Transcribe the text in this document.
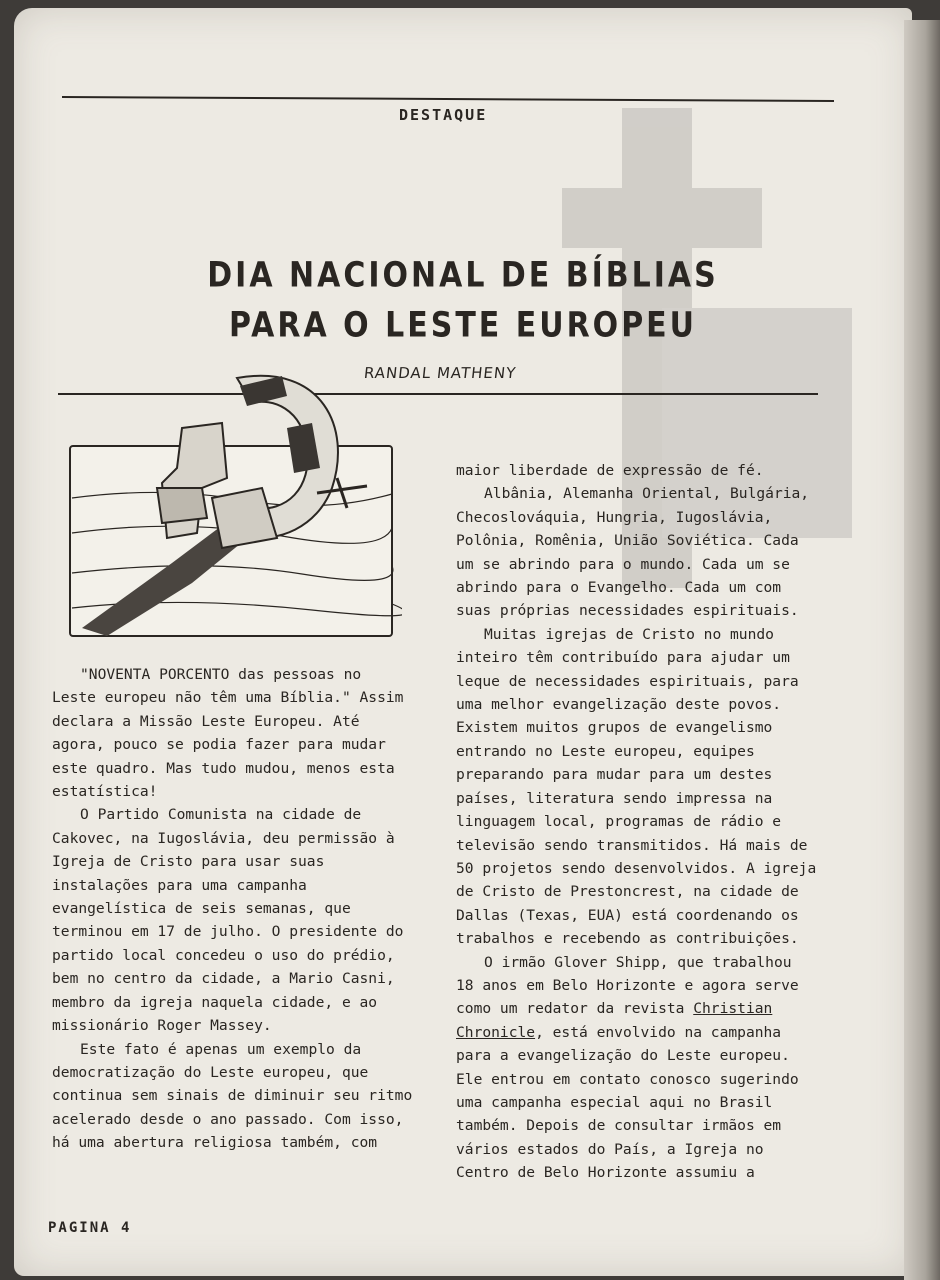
DESTAQUE
DIA NACIONAL DE BÍBLIAS
PARA O LESTE EUROPEU
RANDAL MATHENY

"NOVENTA PORCENTO das pessoas no

Leste europeu não têm uma Bíblia." Assim

declara a Missão Leste Europeu. Até

agora, pouco se podia fazer para mudar

este quadro. Mas tudo mudou, menos esta

estatística!

O Partido Comunista na cidade de

Cakovec, na Iugoslávia, deu permissão à

Igreja de Cristo para usar suas

instalações para uma campanha

evangelística de seis semanas, que

terminou em 17 de julho. O presidente do

partido local concedeu o uso do prédio,

bem no centro da cidade, a Mario Casni,

membro da igreja naquela cidade, e ao

missionário Roger Massey.

Este fato é apenas um exemplo da

democratização do Leste europeu, que

continua sem sinais de diminuir seu ritmo

acelerado desde o ano passado. Com isso,

há uma abertura religiosa também, com

maior liberdade de expressão de fé.

Albânia, Alemanha Oriental, Bulgária,

Checoslováquia, Hungria, Iugoslávia,

Polônia, Romênia, União Soviética. Cada

um se abrindo para o mundo. Cada um se

abrindo para o Evangelho. Cada um com

suas próprias necessidades espirituais.

Muitas igrejas de Cristo no mundo

inteiro têm contribuído para ajudar um

leque de necessidades espirituais, para

uma melhor evangelização deste povos.

Existem muitos grupos de evangelismo

entrando no Leste europeu, equipes

preparando para mudar para um destes

países, literatura sendo impressa na

linguagem local, programas de rádio e

televisão sendo transmitidos. Há mais de

50 projetos sendo desenvolvidos. A igreja

de Cristo de Prestoncrest, na cidade de

Dallas (Texas, EUA) está coordenando os

trabalhos e recebendo as contribuições.

O irmão Glover Shipp, que trabalhou

18 anos em Belo Horizonte e agora serve

como um redator da revista Christian

Chronicle, está envolvido na campanha

para a evangelização do Leste europeu.

Ele entrou em contato conosco sugerindo

uma campanha especial aqui no Brasil

também. Depois de consultar irmãos em

vários estados do País, a Igreja no

Centro de Belo Horizonte assumiu a

PAGINA 4
